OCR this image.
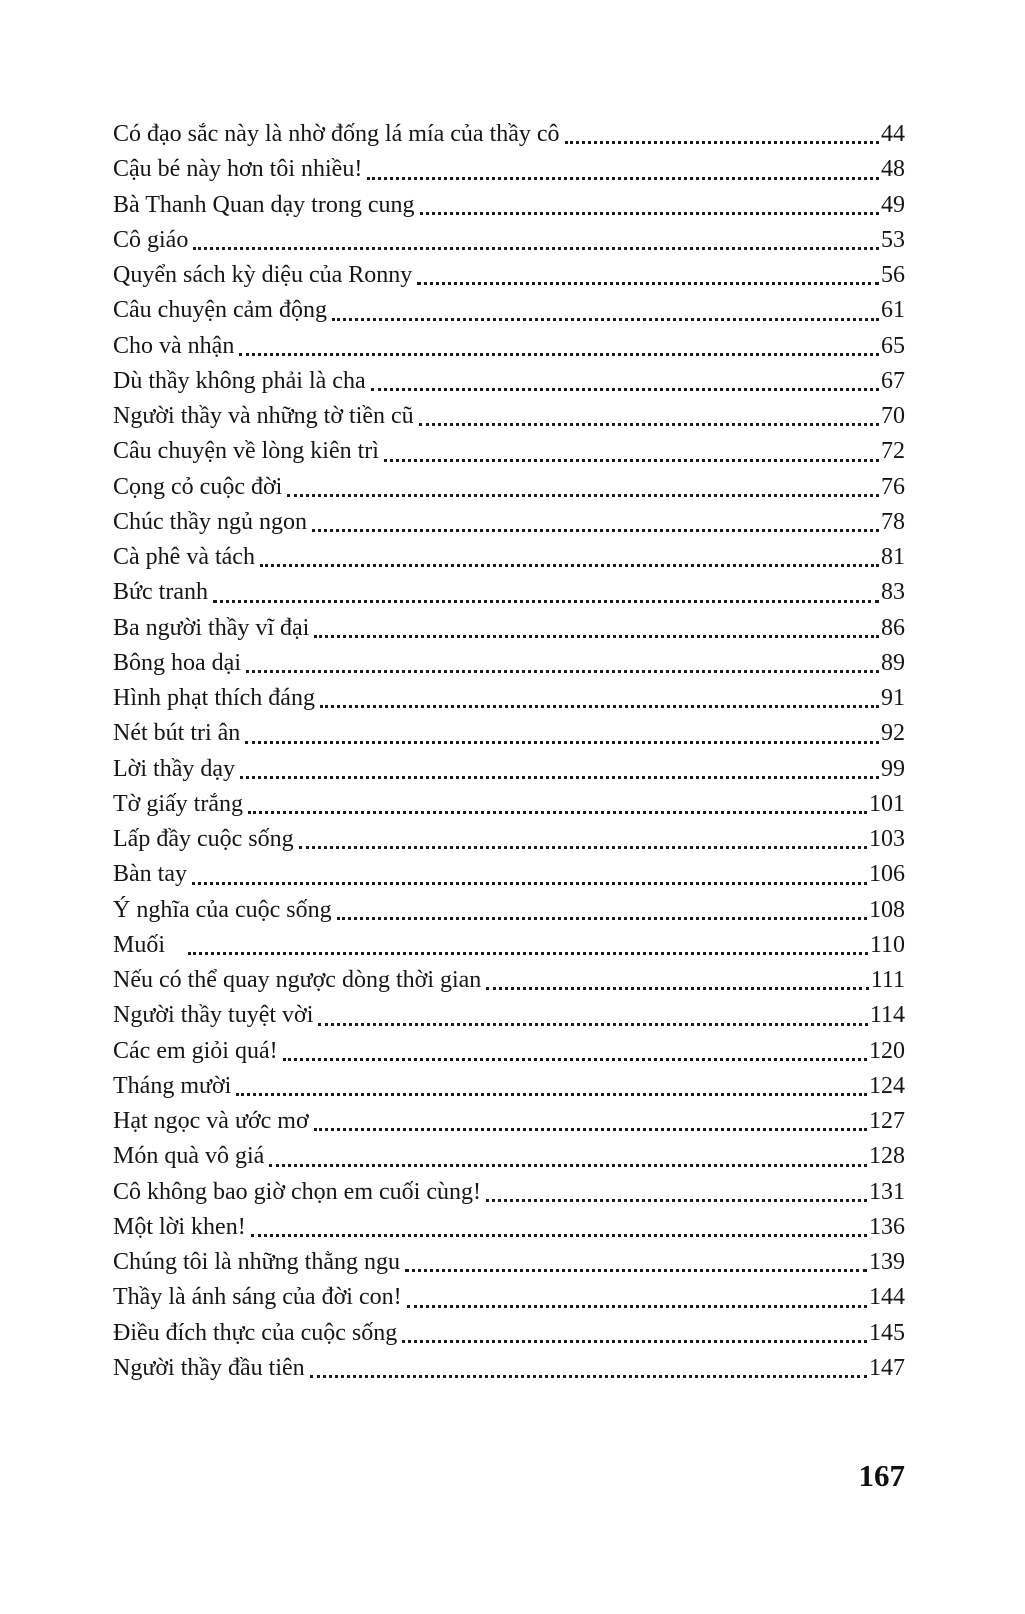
Có đạo sắc này là nhờ đống lá mía của thầy cô	44
Cậu bé này hơn tôi nhiều!	48
Bà Thanh Quan dạy trong cung	49
Cô giáo	53
Quyển sách kỳ diệu của Ronny	56
Câu chuyện cảm động	61
Cho và nhận	65
Dù thầy không phải là cha	67
Người thầy và những tờ tiền cũ	70
Câu chuyện về lòng kiên trì	72
Cọng cỏ cuộc đời	76
Chúc thầy ngủ ngon	78
Cà phê và tách	81
Bức tranh	83
Ba người thầy vĩ đại	86
Bông hoa dại	89
Hình phạt thích đáng	91
Nét bút tri ân	92
Lời thầy dạy	99
Tờ giấy trắng	101
Lấp đầy cuộc sống	103
Bàn tay	106
Ý nghĩa của cuộc sống	108
Muối	110
Nếu có thể quay ngược dòng thời gian	111
Người thầy tuyệt vời	114
Các em giỏi quá!	120
Tháng mười	124
Hạt ngọc và ước mơ	127
Món quà vô giá	128
Cô không bao giờ chọn em cuối cùng!	131
Một lời khen!	136
Chúng tôi là những thằng ngu	139
Thầy là ánh sáng của đời con!	144
Điều đích thực của cuộc sống	145
Người thầy đầu tiên	147
167
